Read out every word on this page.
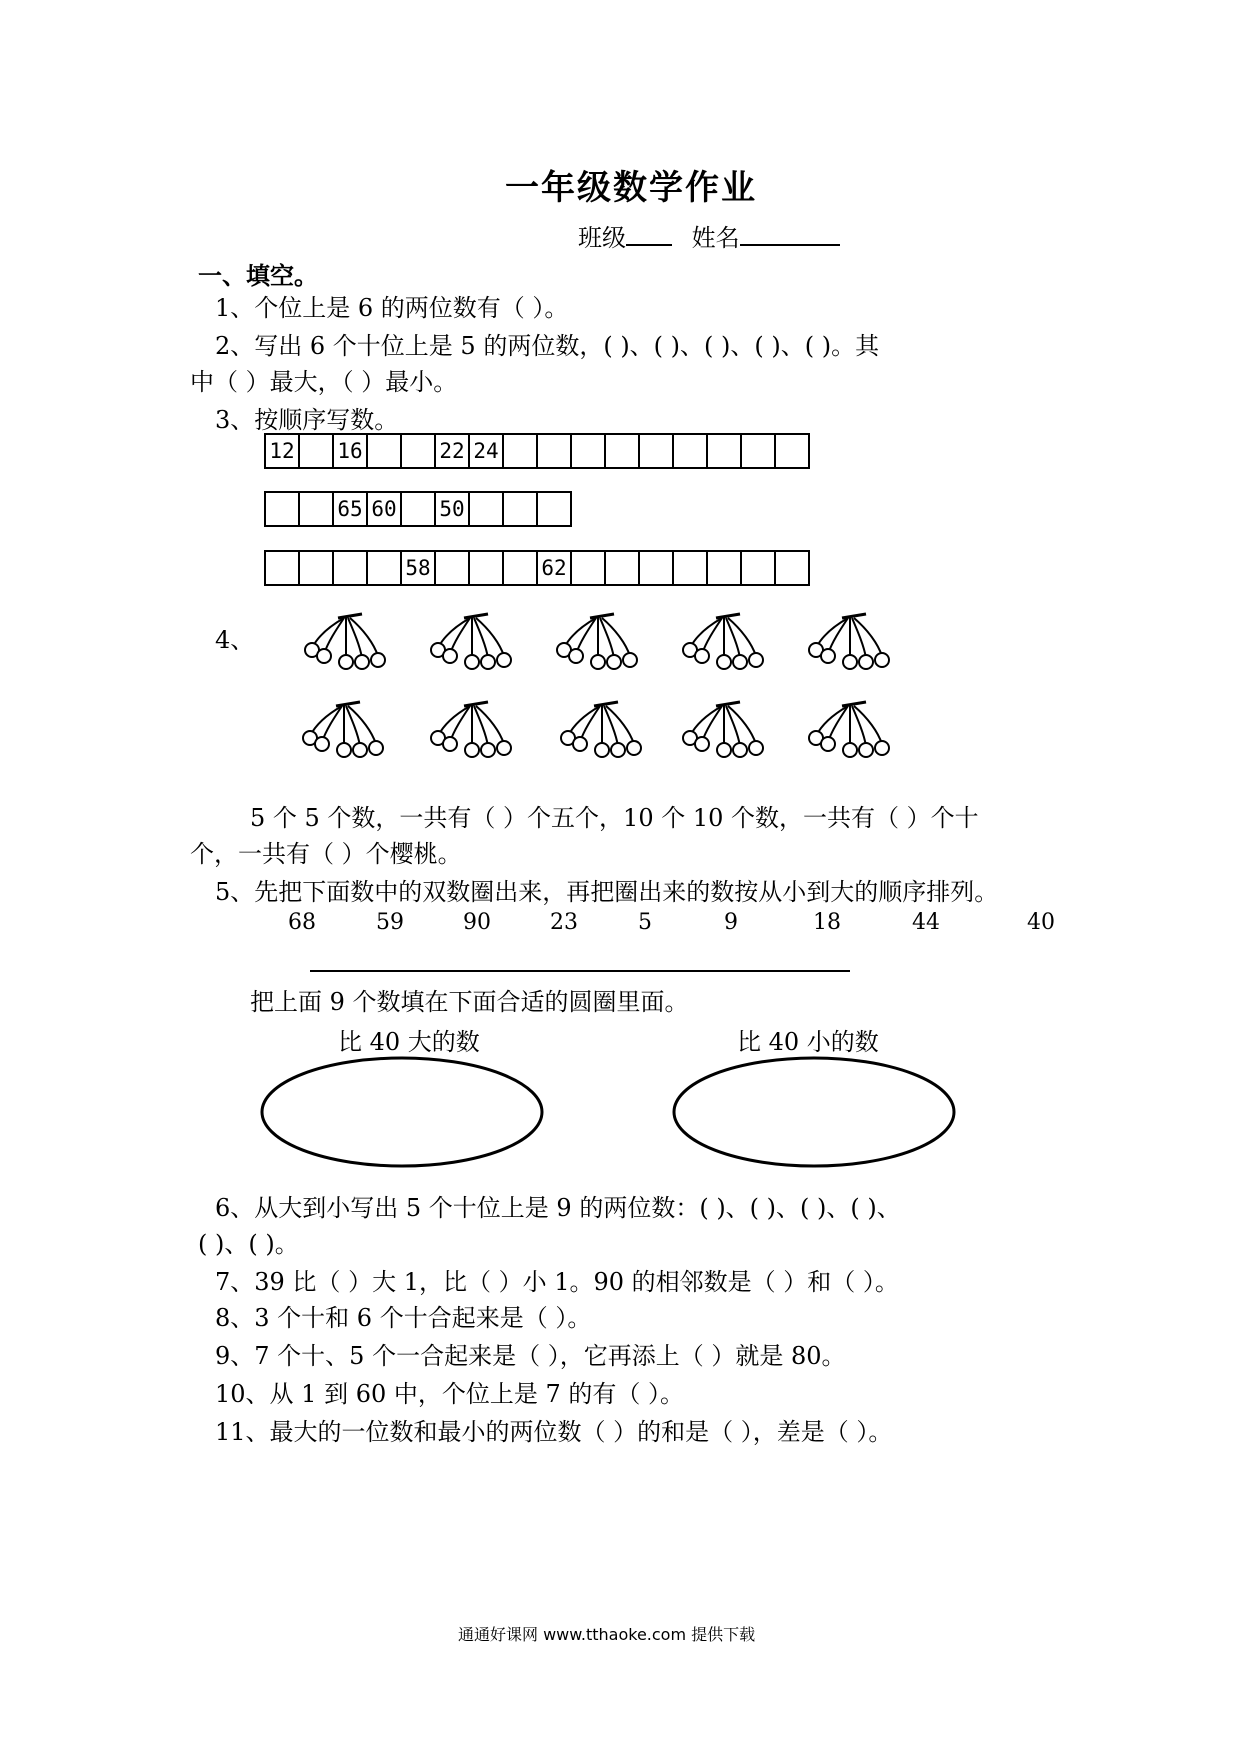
一年级数学作业
班级	姓名
一、填空。
1、个位上是 6 的两位数有（ ）。
2、写出 6 个十位上是 5 的两位数，( )、( )、( )、( )、( )。其
中（ ）最大，（ ）最小。
3、按顺序写数。
12		16			22	24									
		65	60		50			
				58				62							
4、
5 个 5 个数，一共有（ ）个五个，10 个 10 个数，一共有（ ）个十
个，一共有（ ）个樱桃。
5、先把下面数中的双数圈出来，再把圈出来的数按从小到大的顺序排列。
68	59	90	23	5	9	18	44	40
把上面 9 个数填在下面合适的圆圈里面。
比 40 大的数	比 40 小的数
6、从大到小写出 5 个十位上是 9 的两位数：( )、( )、( )、( )、
( )、( )。
7、39 比（ ）大 1，比（ ）小 1。90 的相邻数是（ ）和（ ）。
8、3 个十和 6 个十合起来是（ ）。
9、7 个十、5 个一合起来是（ ），它再添上（ ）就是 80。
10、从 1 到 60 中，个位上是 7 的有（ ）。
11、最大的一位数和最小的两位数（ ）的和是（ ），差是（ ）。
通通好课网 www.tthaoke.com 提供下载
